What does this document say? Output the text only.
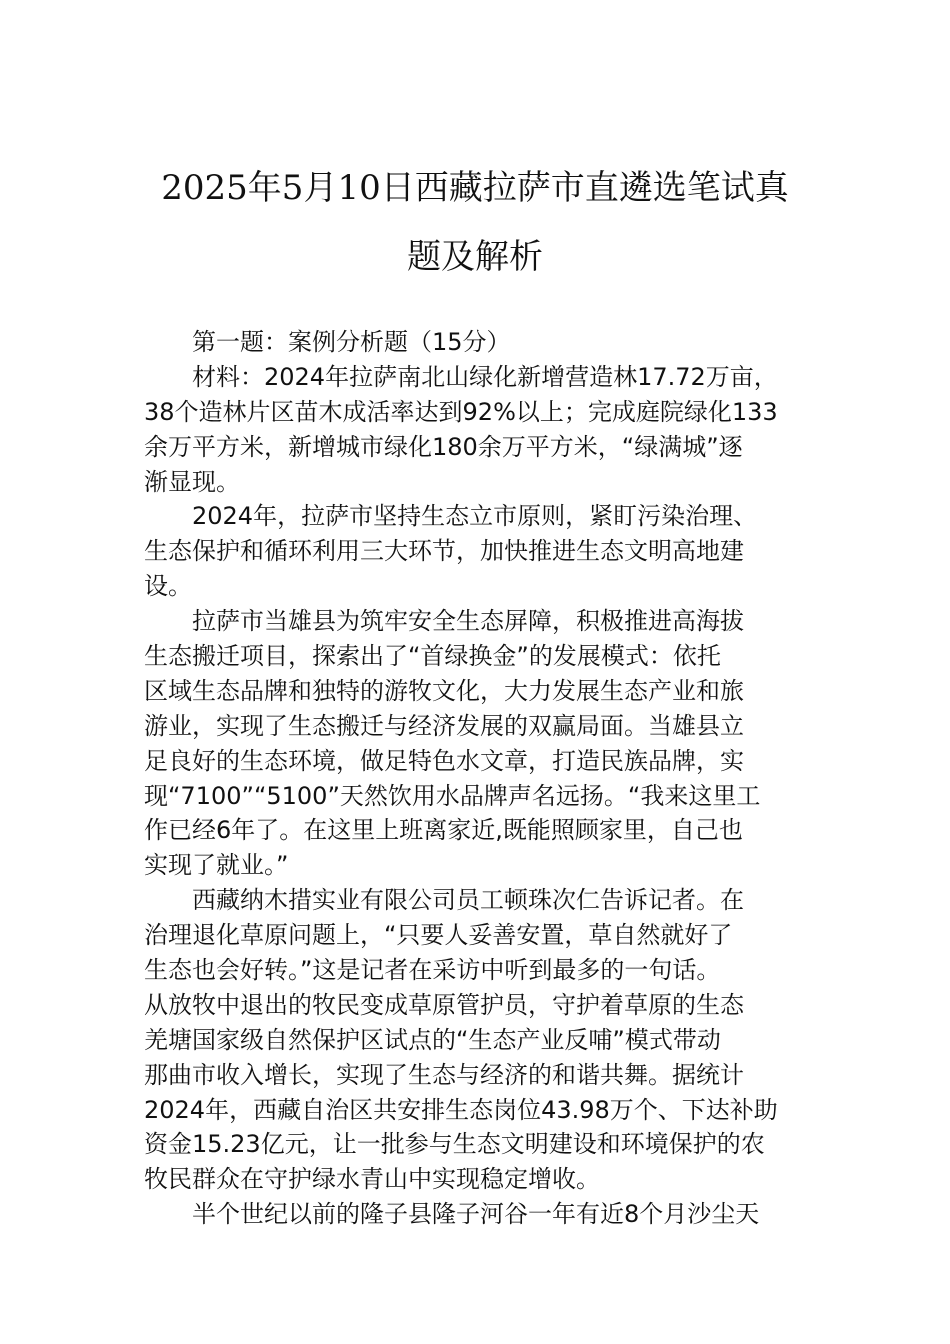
2025年5月10日西藏拉萨市直遴选笔试真
题及解析
第一题：案例分析题（15分）
材料：2024年拉萨南北山绿化新增营造林17.72万亩，
38个造林片区苗木成活率达到92%以上；完成庭院绿化133
余万平方米，新增城市绿化180余万平方米，“绿满城”逐
渐显现。
2024年，拉萨市坚持生态立市原则，紧盯污染治理、
生态保护和循环利用三大环节，加快推进生态文明高地建
设。
拉萨市当雄县为筑牢安全生态屏障，积极推进高海拔
生态搬迁项目，探索出了“首绿换金”的发展模式：依托
区域生态品牌和独特的游牧文化，大力发展生态产业和旅
游业，实现了生态搬迁与经济发展的双赢局面。当雄县立
足良好的生态环境，做足特色水文章，打造民族品牌，实
现“7100”“5100”天然饮用水品牌声名远扬。“我来这里工
作已经6年了。在这里上班离家近,既能照顾家里，自己也
实现了就业。”
西藏纳木措实业有限公司员工顿珠次仁告诉记者。在
治理退化草原问题上，“只要人妥善安置，草自然就好了
生态也会好转。”这是记者在采访中听到最多的一句话。
从放牧中退出的牧民变成草原管护员，守护着草原的生态
羌塘国家级自然保护区试点的“生态产业反哺”模式带动
那曲市收入增长，实现了生态与经济的和谐共舞。据统计
2024年，西藏自治区共安排生态岗位43.98万个、下达补助
资金15.23亿元，让一批参与生态文明建设和环境保护的农
牧民群众在守护绿水青山中实现稳定增收。
半个世纪以前的隆子县隆子河谷一年有近8个月沙尘天
